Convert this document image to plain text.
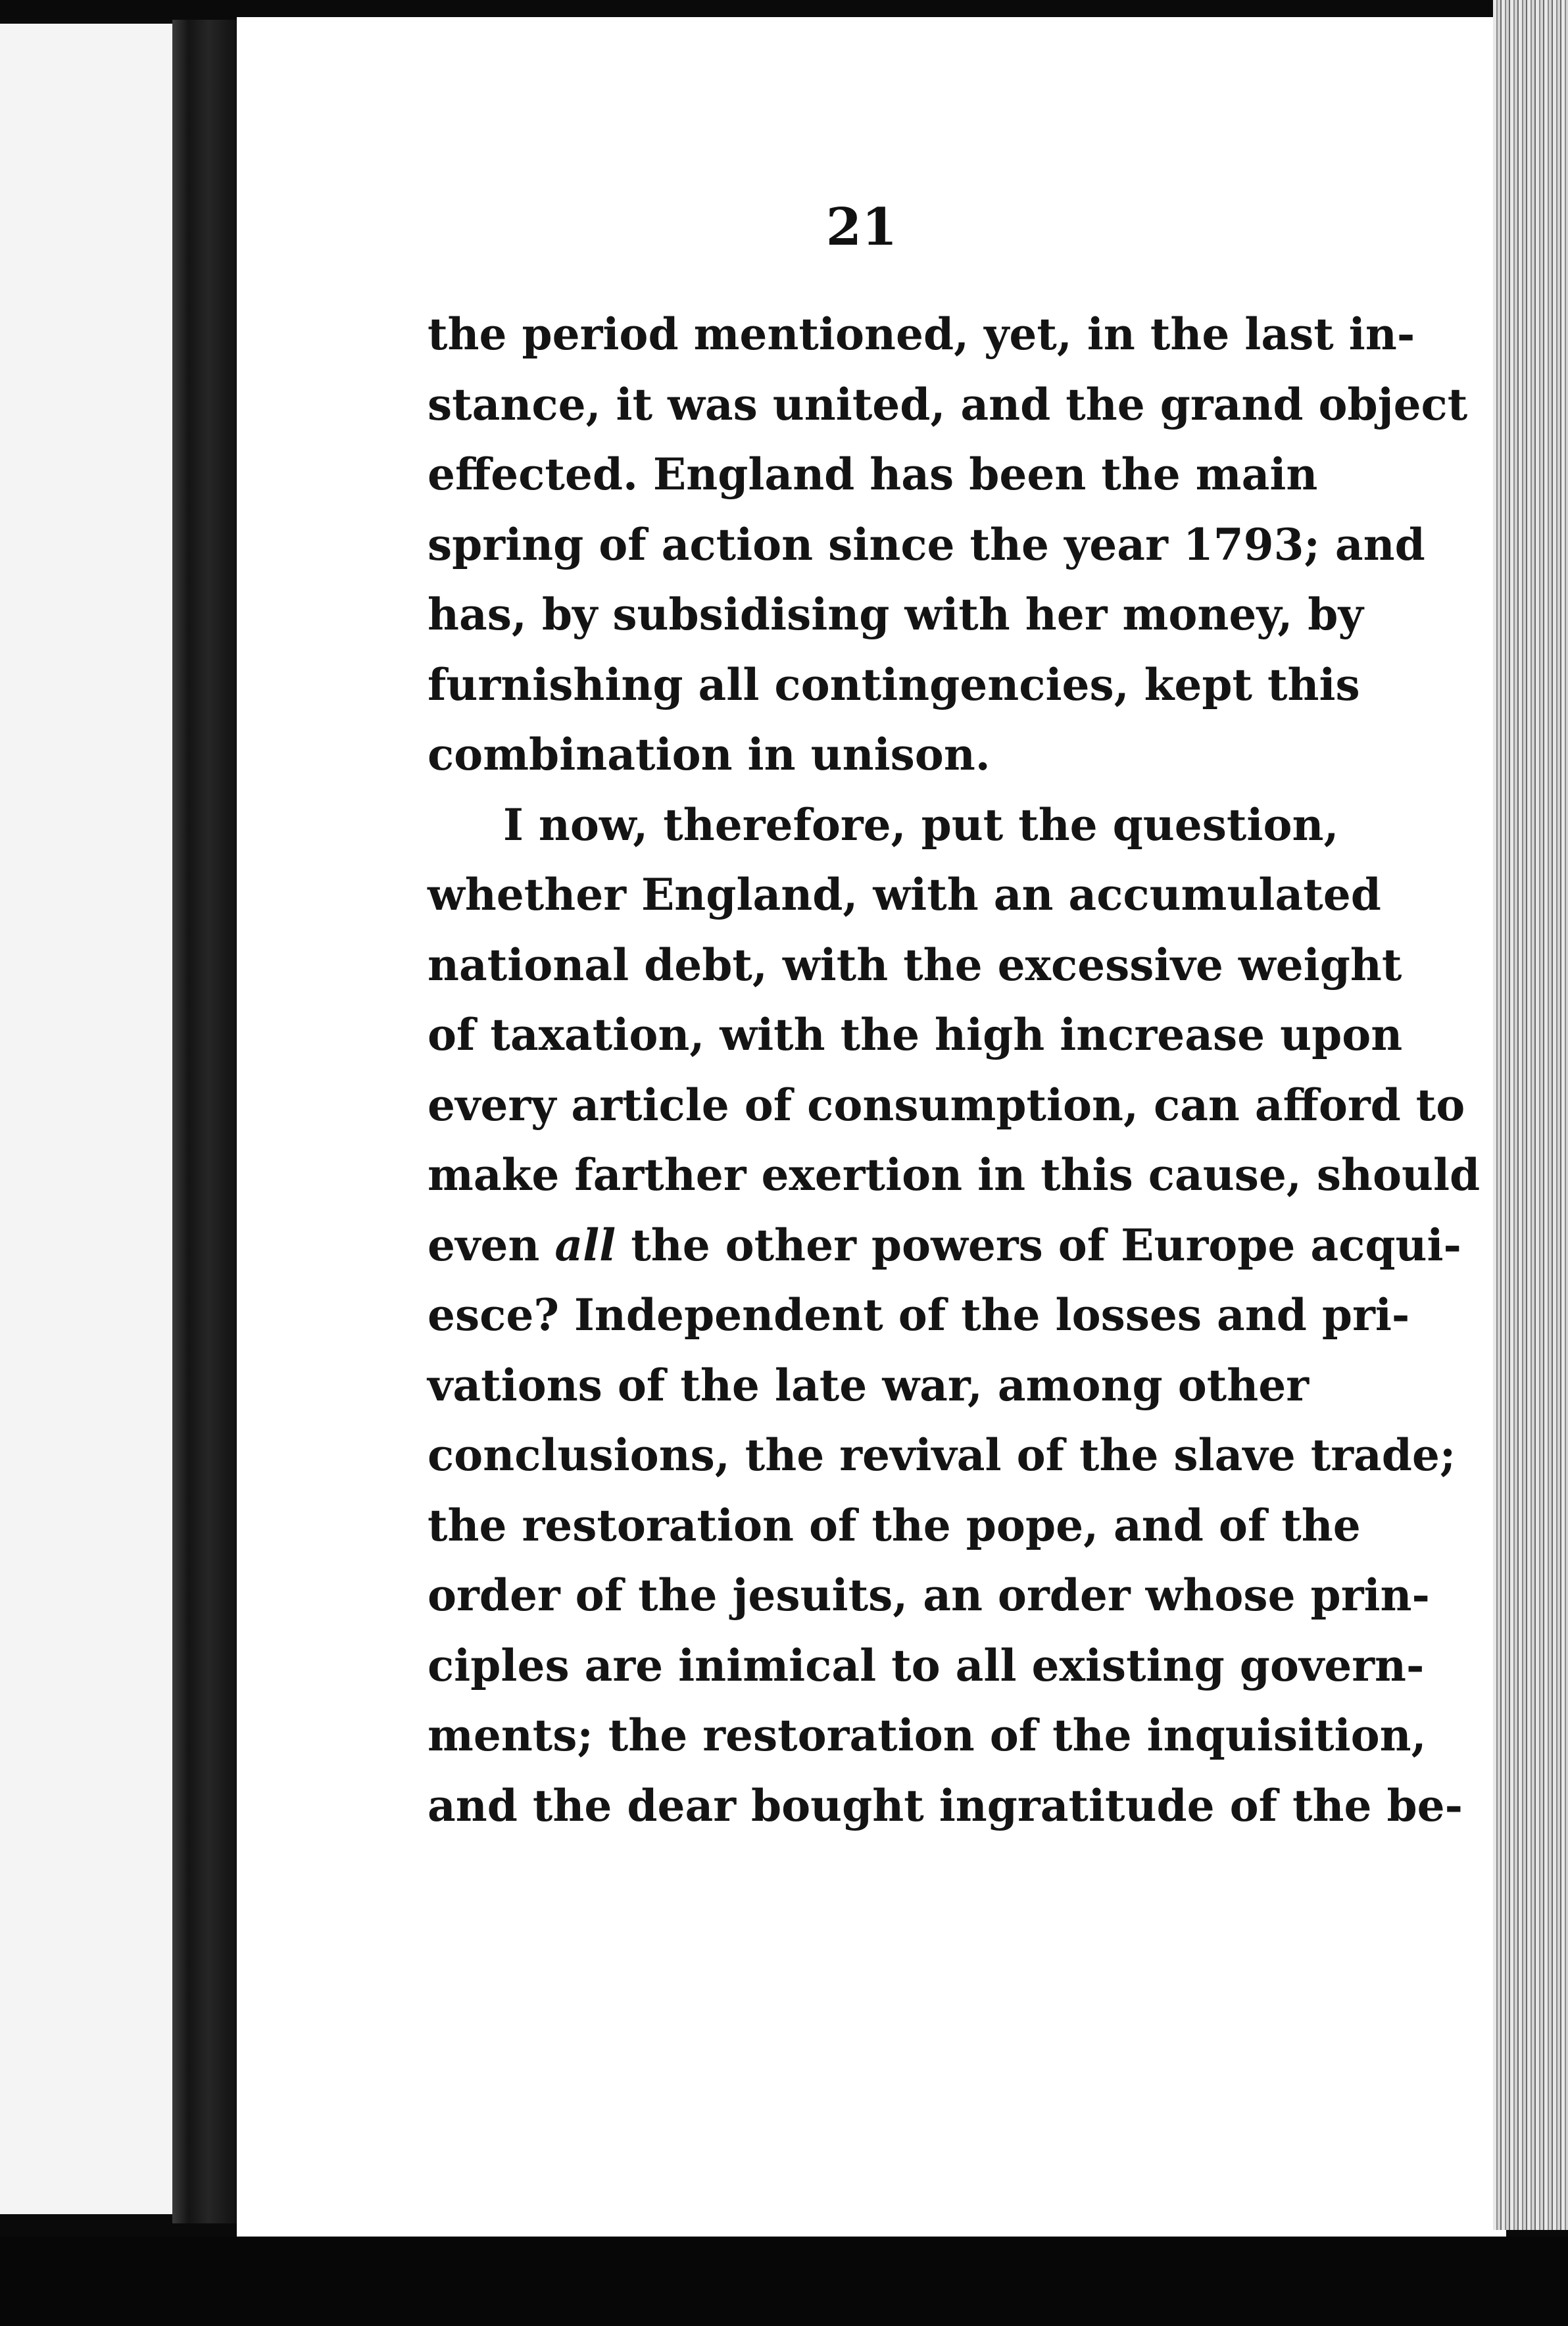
21

the period mentioned, yet, in the last in-
stance, it was united, and the grand object
effected. England has been the main
spring of action since the year 1793; and
has, by subsidising with her money, by
furnishing all contingencies, kept this
combination in unison.
I now, therefore, put the question,
whether England, with an accumulated
national debt, with the excessive weight
of taxation, with the high increase upon
every article of consumption, can afford to
make farther exertion in this cause, should
even all the other powers of Europe acqui-
esce? Independent of the losses and pri-
vations of the late war, among other
conclusions, the revival of the slave trade;
the restoration of the pope, and of the
order of the jesuits, an order whose prin-
ciples are inimical to all existing govern-
ments; the restoration of the inquisition,
and the dear bought ingratitude of the be-
